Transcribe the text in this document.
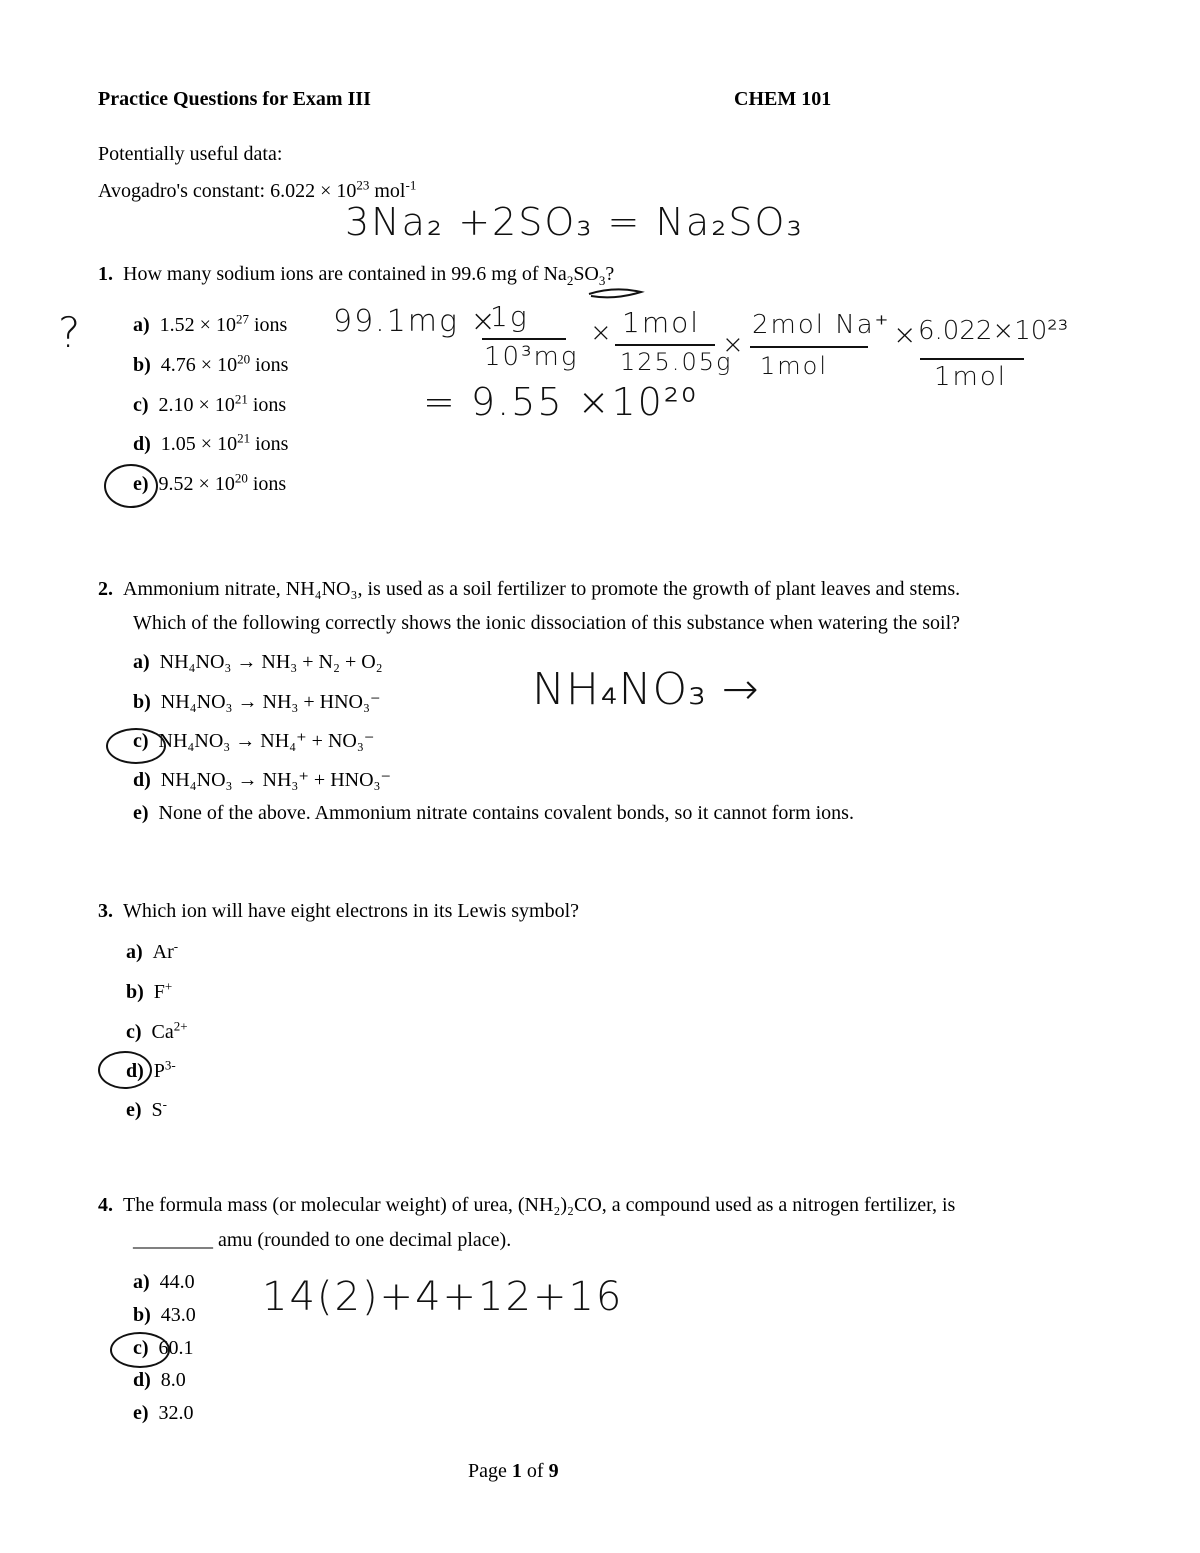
Practice Questions for Exam III	CHEM 101
Potentially useful data:
Avogadro's constant: $6.022 \times 10^{23}$ mol$^{-1}$
3Na₂ +2SO₃ = Na₂SO₃
1. How many sodium ions are contained in 99.6 mg of $Na_2SO_3$?
?	a) $1.52 \times 10^{27}$ ions
b) $4.76 \times 10^{20}$ ions
c) $2.10 \times 10^{21}$ ions
d) $1.05 \times 10^{21}$ ions
e) $9.52 \times 10^{20}$ ions
99.1mg ×
1g
10³mg
× 1mol
125.05g
×
2mol Na⁺
1mol
× 6.022×10²³
1mol
= 9.55 ×10²⁰
2. Ammonium nitrate, NH₄NO₃, is used as a soil fertilizer to promote the growth of plant leaves and stems.
Which of the following correctly shows the ionic dissociation of this substance when watering the soil?
a) NH₄NO₃ → NH₃ + N₂ + O₂
b) NH₄NO₃ → NH₃ + HNO₃⁻
c) NH₄NO₃ → NH₄⁺ + NO₃⁻
d) NH₄NO₃ → NH₃⁺ + HNO₃⁻
e) None of the above. Ammonium nitrate contains covalent bonds, so it cannot form ions.
NH₄NO₃ →
3. Which ion will have eight electrons in its Lewis symbol?
a) Ar-
b) F+
c) $Ca^{2+}$
d) $P^{3-}$
e) S-
4. The formula mass (or molecular weight) of urea, (NH₂)₂CO, a compound used as a nitrogen fertilizer, is
________ amu (rounded to one decimal place).
a) 44.0
b) 43.0
c) 60.1
d) 8.0
e) 32.0
14(2)+4+12+16
Page 1 of 9
